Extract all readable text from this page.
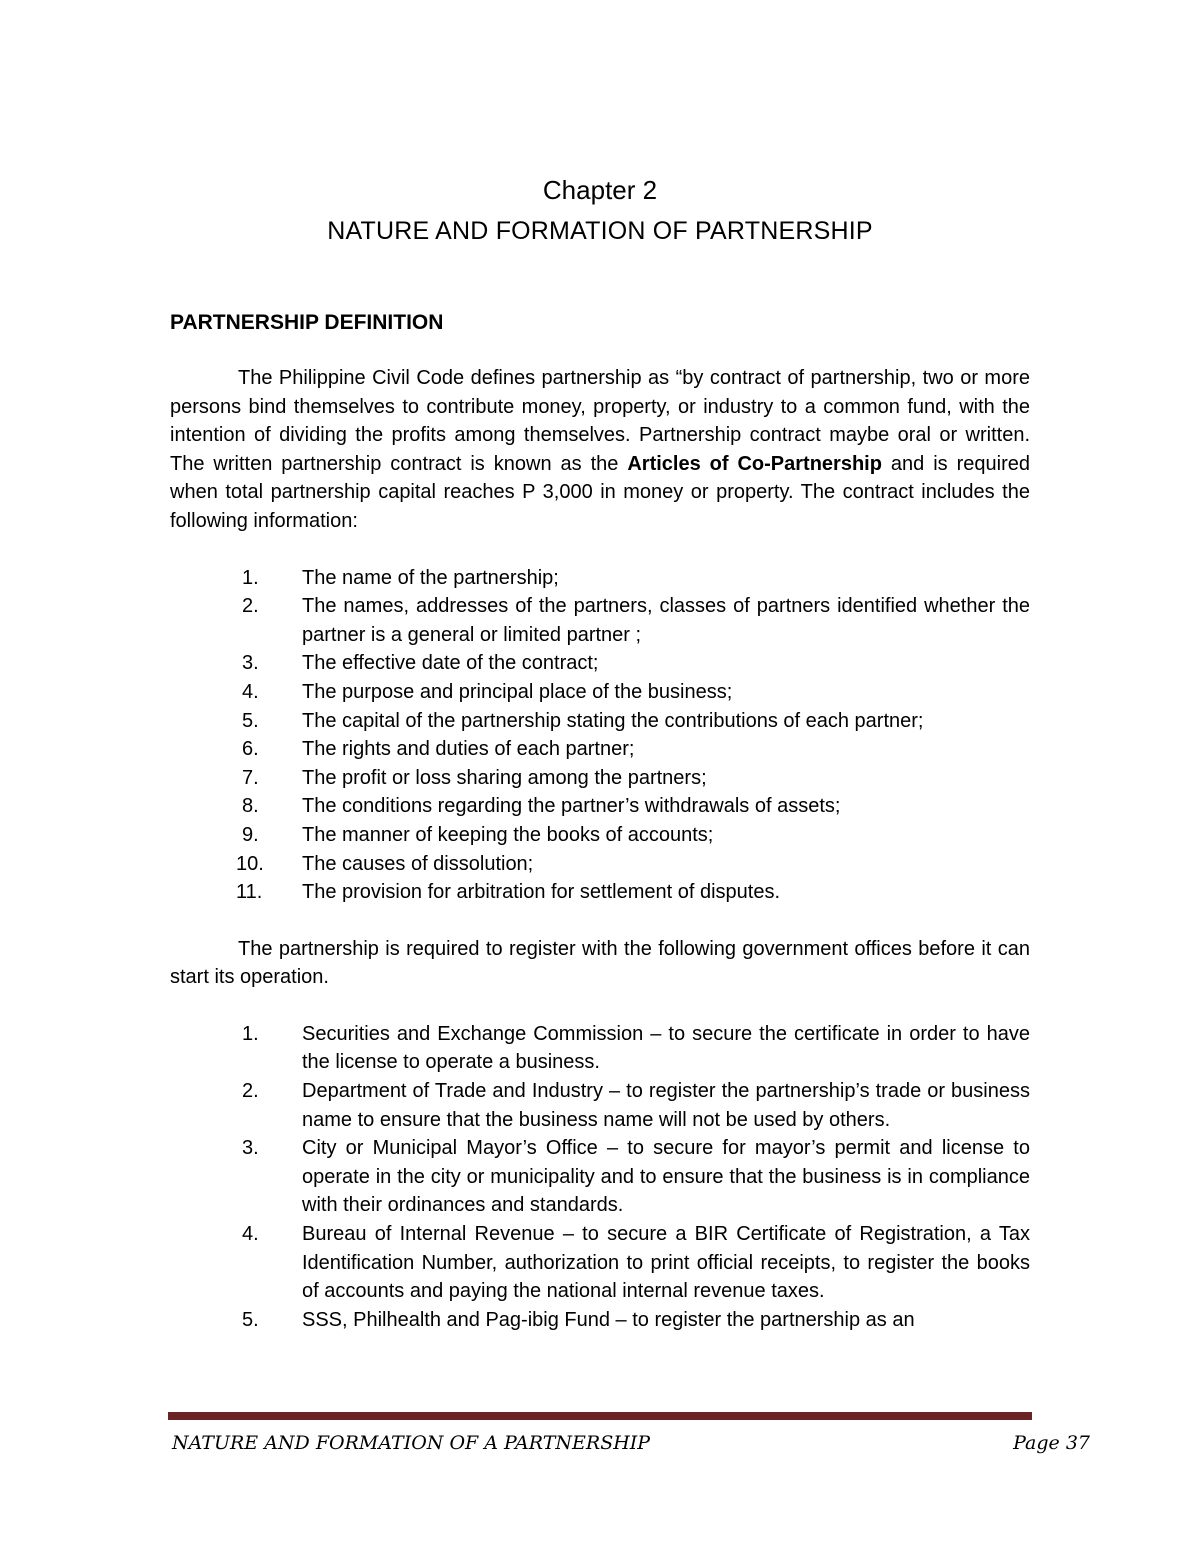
Chapter 2
NATURE AND FORMATION OF PARTNERSHIP
PARTNERSHIP DEFINITION

The Philippine Civil Code defines partnership as “by contract of partnership, two or more persons bind themselves to contribute money, property, or industry to a common fund, with the intention of dividing the profits among themselves. Partnership contract maybe oral or written. The written partnership contract is known as the Articles of Co-Partnership and is required when total partnership capital reaches P 3,000 in money or property. The contract includes the following information:

1.	The name of the partnership;
2.	The names, addresses of the partners, classes of partners identified whether the partner is a general or limited partner ;
3.	The effective date of the contract;
4.	The purpose and principal place of the business;
5.	The capital of the partnership stating the contributions of each partner;
6.	The rights and duties of each partner;
7.	The profit or loss sharing among the partners;
8.	The conditions regarding the partner’s withdrawals of assets;
9.	The manner of keeping the books of accounts;
10.	The causes of dissolution;
11.	The provision for arbitration for settlement of disputes.

The partnership is required to register with the following government offices before it can start its operation.

1.	Securities and Exchange Commission – to secure the certificate in order to have the license to operate a business.
2.	Department of Trade and Industry – to register the partnership’s trade or business name to ensure that the business name will not be used by others.
3.	City or Municipal Mayor’s Office – to secure for mayor’s permit and license to operate in the city or municipality and to ensure that the business is in compliance with their ordinances and standards.
4.	Bureau of Internal Revenue – to secure a BIR Certificate of Registration, a Tax Identification Number, authorization to print official receipts, to register the books of accounts and paying the national internal revenue taxes.
5.	SSS, Philhealth and Pag-ibig Fund – to register the partnership as an
NATURE AND FORMATION OF A PARTNERSHIP	Page 37
